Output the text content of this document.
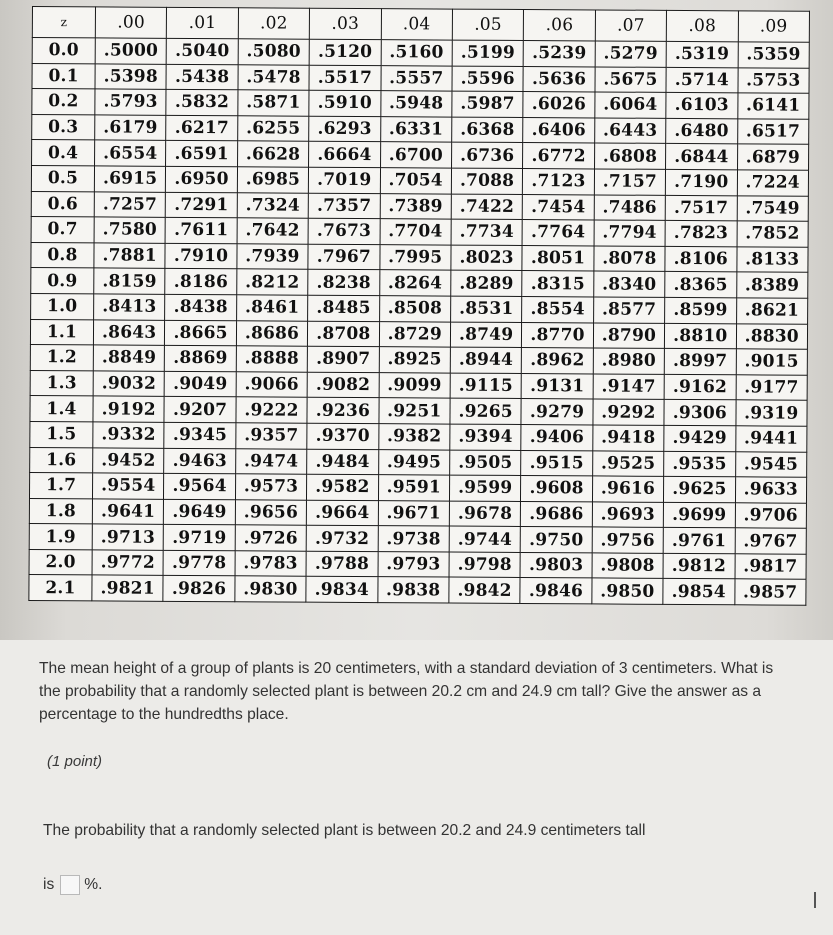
z	.00	.01	.02	.03	.04	.05	.06	.07	.08	.09
0.0	.5000	.5040	.5080	.5120	.5160	.5199	.5239	.5279	.5319	.5359
0.1	.5398	.5438	.5478	.5517	.5557	.5596	.5636	.5675	.5714	.5753
0.2	.5793	.5832	.5871	.5910	.5948	.5987	.6026	.6064	.6103	.6141
0.3	.6179	.6217	.6255	.6293	.6331	.6368	.6406	.6443	.6480	.6517
0.4	.6554	.6591	.6628	.6664	.6700	.6736	.6772	.6808	.6844	.6879
0.5	.6915	.6950	.6985	.7019	.7054	.7088	.7123	.7157	.7190	.7224
0.6	.7257	.7291	.7324	.7357	.7389	.7422	.7454	.7486	.7517	.7549
0.7	.7580	.7611	.7642	.7673	.7704	.7734	.7764	.7794	.7823	.7852
0.8	.7881	.7910	.7939	.7967	.7995	.8023	.8051	.8078	.8106	.8133
0.9	.8159	.8186	.8212	.8238	.8264	.8289	.8315	.8340	.8365	.8389
1.0	.8413	.8438	.8461	.8485	.8508	.8531	.8554	.8577	.8599	.8621
1.1	.8643	.8665	.8686	.8708	.8729	.8749	.8770	.8790	.8810	.8830
1.2	.8849	.8869	.8888	.8907	.8925	.8944	.8962	.8980	.8997	.9015
1.3	.9032	.9049	.9066	.9082	.9099	.9115	.9131	.9147	.9162	.9177
1.4	.9192	.9207	.9222	.9236	.9251	.9265	.9279	.9292	.9306	.9319
1.5	.9332	.9345	.9357	.9370	.9382	.9394	.9406	.9418	.9429	.9441
1.6	.9452	.9463	.9474	.9484	.9495	.9505	.9515	.9525	.9535	.9545
1.7	.9554	.9564	.9573	.9582	.9591	.9599	.9608	.9616	.9625	.9633
1.8	.9641	.9649	.9656	.9664	.9671	.9678	.9686	.9693	.9699	.9706
1.9	.9713	.9719	.9726	.9732	.9738	.9744	.9750	.9756	.9761	.9767
2.0	.9772	.9778	.9783	.9788	.9793	.9798	.9803	.9808	.9812	.9817
2.1	.9821	.9826	.9830	.9834	.9838	.9842	.9846	.9850	.9854	.9857
The mean height of a group of plants is 20 centimeters, with a standard deviation of 3 centimeters. What is the probability that a randomly selected plant is between 20.2 cm and 24.9 cm tall? Give the answer as a percentage to the hundredths place.
(1 point)
The probability that a randomly selected plant is between 20.2 and 24.9 centimeters tall
is %.
